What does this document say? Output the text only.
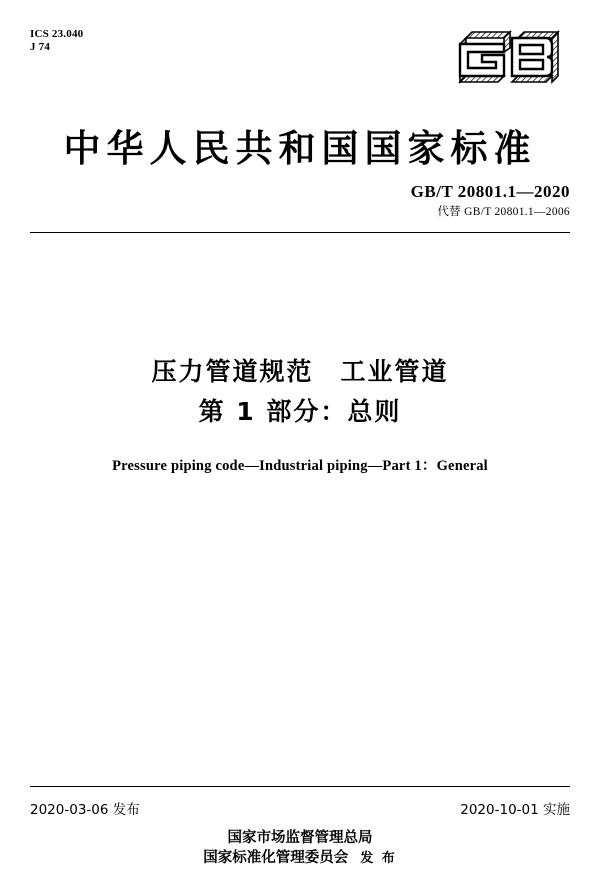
ICS 23.040
J 74
中华人民共和国国家标准
GB/T 20801.1—2020
代替 GB/T 20801.1—2006
压力管道规范　工业管道
第 1 部分：总则
Pressure piping code—Industrial piping—Part 1：General
2020-03-06 发布	2020-10-01 实施
国家市场监督管理总局
国家标准化管理委员会 发 布
